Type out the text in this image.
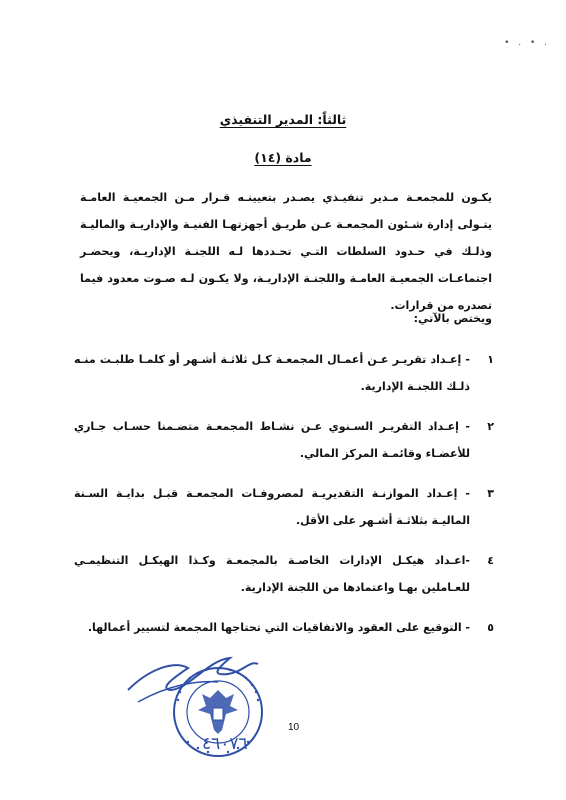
• . • .
ثالثاً: المدير التنفيذي
مادة (١٤)
يكـون للمجمعـة مـدير تنفيـذي يصـدر بتعيينـه قـرار مـن الجمعيـة العامـة يتـولى إدارة شـئون المجمعـة عـن طريـق أجهزتهـا الفنيـة والإداريـة والماليـة وذلـك في حـدود السلطات التـي تحـددها لـه اللجنـة الإداريـة، ويحضـر اجتماعـات الجمعيـة العامـة واللجنـة الإداريـة، ولا يكـون لـه صـوت معدود فيما تصدره من قرارات.
ويختص بالآتي:
١
- إعـداد تقريـر عـن أعمـال المجمعـة كـل ثلاثـة أشـهر أو كلمـا طلبـت منـه ذلـك اللجنـة الإدارية.
٢
- إعـداد التقريـر السـنوي عـن نشـاط المجمعـة متضـمنا حسـاب جـاري للأعضـاء وقائمـة المركز المالي.
٣
- إعـداد الموازنـة التقديريـة لمصروفـات المجمعـة قبـل بدايـة السـنة الماليـة بثلاثـة أشـهر على الأقل.
٤
-اعـداد هيكـل الإدارات الخاصـة بالمجمعـة وكـذا الهيكـل التنظيمـي للعـاملين بهـا واعتمادها من اللجنة الإدارية.
٥
- التوقيع على العقود والاتفاقيات التي تحتاجها المجمعة لتسيير أعمالها.
10
٤٦٠٧٦
